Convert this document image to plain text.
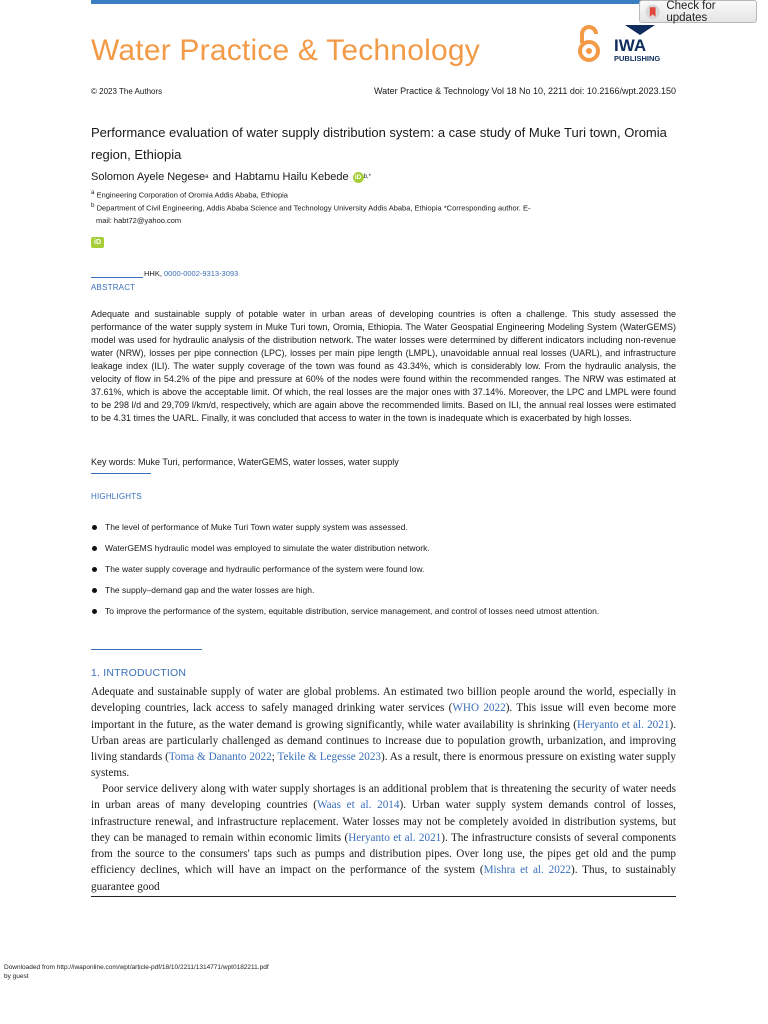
Check for updates
Water Practice & Technology	IWA
PUBLISHING
© 2023 The Authors	Water Practice & Technology Vol 18 No 10, 2211 doi: 10.2166/wpt.2023.150
Performance evaluation of water supply distribution system: a case study of Muke Turi town, Oromia region, Ethiopia
Solomon Ayele Negese a and Habtamu Hailu Kebede iD b,*
$^a$ Engineering Corporation of Oromia Addis Ababa, Ethiopia
$^b$ Department of Civil Engineering, Addis Ababa Science and Technology University Addis Ababa, Ethiopia *Corresponding author. E-
mail: habt72@yahoo.com
iD
HHK, 0000-0002-9313-3093
ABSTRACT

Adequate and sustainable supply of potable water in urban areas of developing countries is often a challenge. This study assessed the performance of the water supply system in Muke Turi town, Oromia, Ethiopia. The Water Geospatial Engineering Modeling System (WaterGEMS) model was used for hydraulic analysis of the distribution network. The water losses were determined by different indicators including non-revenue water (NRW), losses per pipe connection (LPC), losses per main pipe length (LMPL), unavoidable annual real losses (UARL), and infrastructure leakage index (ILI). The water supply coverage of the town was found as 43.34%, which is considerably low. From the hydraulic analysis, the velocity of flow in 54.2% of the pipe and pressure at 60% of the nodes were found within the recommended ranges. The NRW was estimated at 37.61%, which is above the acceptable limit. Of which, the real losses are the major ones with 37.14%. Moreover, the LPC and LMPL were found to be 298 l/d and 29,709 l/km/d, respectively, which are again above the recommended limits. Based on ILI, the annual real losses were estimated to be 4.31 times the UARL. Finally, it was concluded that access to water in the town is inadequate which is exacerbated by high losses.

Key words: Muke Turi, performance, WaterGEMS, water losses, water supply
HIGHLIGHTS
The level of performance of Muke Turi Town water supply system was assessed.
WaterGEMS hydraulic model was employed to simulate the water distribution network.
The water supply coverage and hydraulic performance of the system were found low.
The supply–demand gap and the water losses are high.
To improve the performance of the system, equitable distribution, service management, and control of losses need utmost attention.
1. INTRODUCTION

Adequate and sustainable supply of water are global problems. An estimated two billion people around the world, especially in developing countries, lack access to safely managed drinking water services (WHO 2022). This issue will even become more important in the future, as the water demand is growing significantly, while water availability is shrinking (Heryanto et al. 2021). Urban areas are particularly challenged as demand continues to increase due to population growth, urbanization, and improving living standards (Toma & Dananto 2022; Tekile & Legesse 2023). As a result, there is enormous pressure on existing water supply systems.

Poor service delivery along with water supply shortages is an additional problem that is threatening the security of water needs in urban areas of many developing countries (Waas et al. 2014). Urban water supply system demands control of losses, infrastructure renewal, and infrastructure replacement. Water losses may not be completely avoided in distribution systems, but they can be managed to remain within economic limits (Heryanto et al. 2021). The infrastructure consists of several components from the source to the consumers' taps such as pumps and distribution pipes. Over long use, the pipes get old and the pump efficiency declines, which will have an impact on the performance of the system (Mishra et al. 2022). Thus, to sustainably guarantee good

Downloaded from http://iwaponline.com/wpt/article-pdf/18/10/2211/1314771/wpt0182211.pdf
by guest
